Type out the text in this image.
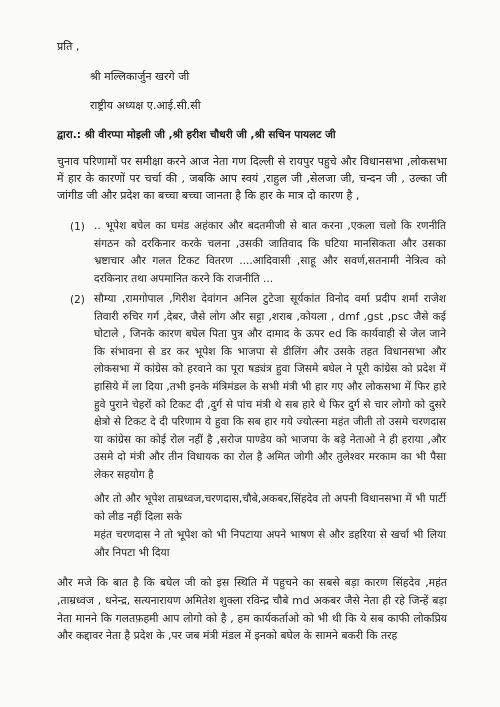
प्रति ,
श्री मल्लिकार्जुन खरगे जी
राष्ट्रीय अध्यक्ष ए.आई.सी.सी
द्वारा.: श्री वीरप्पा मोइली जी ,श्री हरीश चौधरी जी ,श्री सचिन पायलट जी
चुनाव परिणामों पर समीक्षा करने आज नेता गण दिल्ली से रायपुर पहुचे और विधानसभा ,लोकसभा में हार के कारणों पर चर्चा की , जबकि आप स्वयं ,राहुल जी ,सेलजा जी, चन्दन जी , उल्का जी जांगीड जी और प्रदेश का बच्चा बच्चा जानता है कि हार के मात्र दो कारण है ,
(1) .. भूपेश बघेल का घमंड अहंकार और बदतमीजी से बात करना ,एकला चलो कि रणनीति संगठन को दरकिनार करके चलना ,उसकी जातिवाद कि घटिया मानसिकता और उसका भ्रष्टाचार और गलत टिकट वितरण ....आदिवासी ,साहू और सवर्ण,सतनामी नेत्रित्व को दरकिनार तथा अपमानित करने कि राजनीति ...
(2) सौम्या ,रामगोपाल ,गिरीश देवांगन अनिल टुटेजा सूर्यकांत विनोद वर्मा प्रदीप शर्मा राजेश तिवारी रुचिर गर्ग ,देबर, जैसे लोग और सट्टा ,शराब ,कोयला , dmf ,gst ,psc जैसे कई घोटाले , जिनके कारण बघेल पिता पुत्र और दामाद के ऊपर ed कि कार्यवाही से जेल जाने कि संभावना से डर कर भूपेश कि भाजपा से डीलिंग और उसके तहत विधानसभा और लोकसभा में कांग्रेस को हरवाने का पूरा षड्यंत्र हुवा जिसमे बघेल ने पूरी कांग्रेस को प्रदेश में हासिये में ला दिया ,तभी इनके मंत्रिमंडल के सभी मंत्री भी हार गए और लोकसभा में फिर हारे हुवे पुराने चेहरों को टिकट दी ,दुर्ग से पांच मंत्री थे सब हारे थे फिर दुर्ग से चार लोगो को दुसरे क्षेत्रो से टिकट दे दी परिणाम ये हुवा कि सब हार गये ज्योत्स्ना महंत जीती तो उसमे चरणदास या कांग्रेस का कोई रोल नहीं है ,सरोज पाण्डेय को भाजपा के बड़े नेताओ ने ही हराया ,और उसमे दो मंत्री और तीन विधायक का रोल है अमित जोगी और तुलेश्वर मरकाम का भी पैसा लेकर सहयोग है
और तो और भूपेश ताम्रध्वज,चरणदास,चौबे,अकबर,सिंहदेव तो अपनी विधानसभा में भी पार्टी को लीड नहीं दिला सके
महंत चरणदास ने तो भूपेश को भी निपटाया अपने भाषण से और डहरिया से खर्चा भी लिया और निपटा भी दिया
और मजे कि बात है कि बघेल जी को इस स्थिति में पहुचने का सबसे बड़ा कारण सिंहदेव ,महंत ,ताम्रध्वज , धनेन्द्र, सत्यनारायण अमितेश शुक्ला रविन्द्र चौबे md अकबर जैसे नेता ही रहे जिन्हें बड़ा नेता मानने कि गलतफ़हमी आप लोगो को है , हम कार्यकर्ताओ को भी थी कि ये सब काफी लोकप्रिय और कद्दावर नेता है प्रदेश के ,पर जब मंत्री मंडल में इनको बघेल के सामने बकरी कि तरह
